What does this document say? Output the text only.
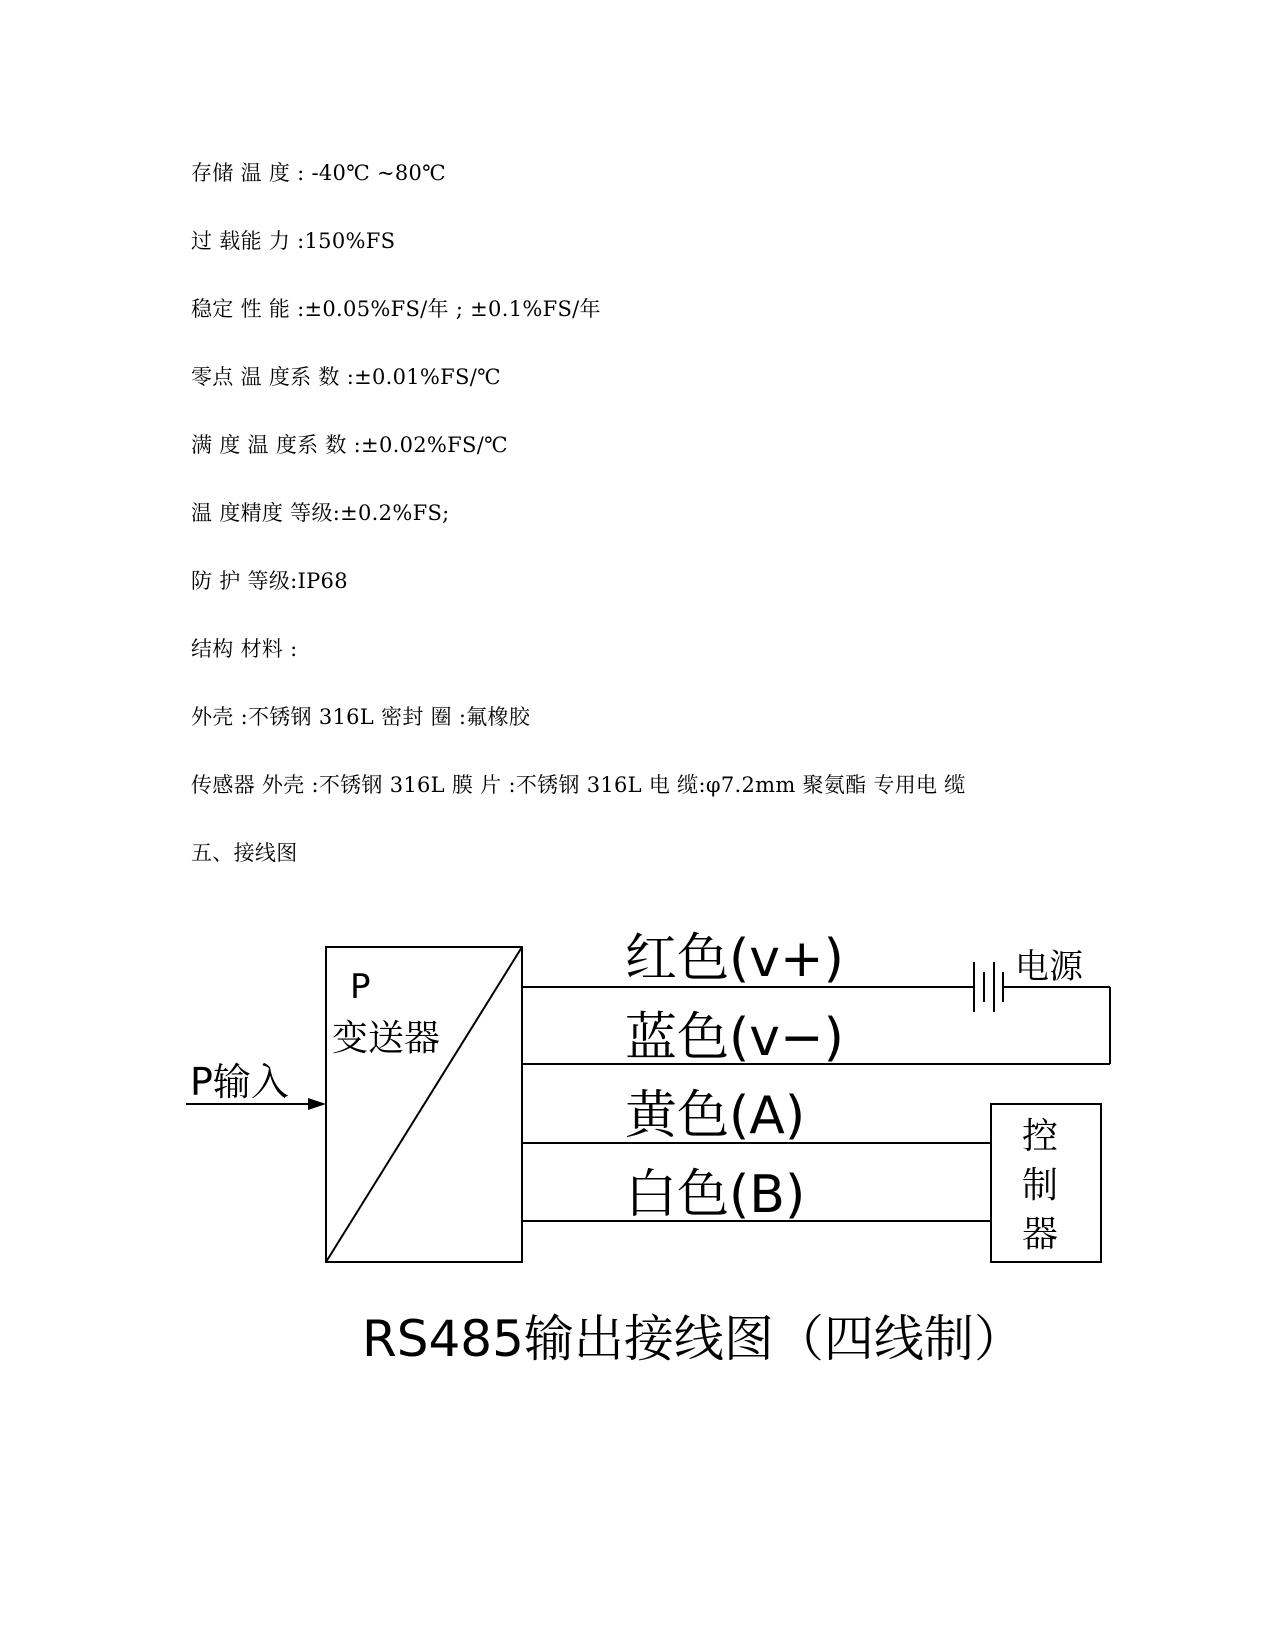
存储 温 度 : -40℃ ~80℃
过 载能 力 :150%FS
稳定 性 能 :±0.05%FS/年 ; ±0.1%FS/年
零点 温 度系 数 :±0.01%FS/℃
满 度 温 度系 数 :±0.02%FS/℃
温 度精度 等级:±0.2%FS;
防 护 等级:IP68
结构 材料 :
外壳 :不锈钢 316L 密封 圈 :氟橡胶
传感器 外壳 :不锈钢 316L 膜 片 :不锈钢 316L 电 缆:φ7.2mm 聚氨酯 专用电 缆
五、接线图
P输入
P
变送器
红色(v+)
蓝色(v−)
黄色(A)
白色(B)
电源
控
制
器
RS485输出接线图（四线制）
